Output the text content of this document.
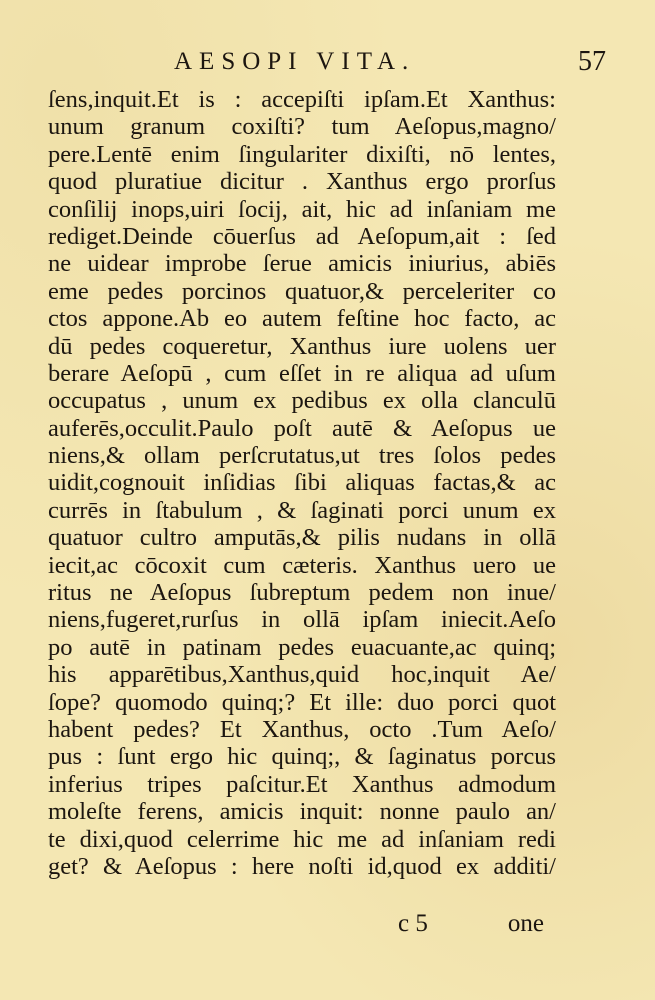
AESOPI VITA.	57
ſens,inquit.Et is : accepiſti ipſam.Et Xanthus:
unum granum coxiſti? tum Aeſopus,magno/
pere.Lentē enim ſingulariter dixiſti, nō lentes,
quod pluratiue dicitur . Xanthus ergo prorſus
conſilij inops,uiri ſocij, ait, hic ad inſaniam me
rediget.Deinde cōuerſus ad Aeſopum,ait : ſed
ne uidear improbe ſerue amicis iniurius, abiēs
eme pedes porcinos quatuor,& perceleriter co
ctos appone.Ab eo autem feſtine hoc facto, ac
dū pedes coqueretur, Xanthus iure uolens uer
berare Aeſopū , cum eſſet in re aliqua ad uſum
occupatus , unum ex pedibus ex olla clanculū
auferēs,occulit.Paulo poſt autē & Aeſopus ue
niens,& ollam perſcrutatus,ut tres ſolos pedes
uidit,cognouit inſidias ſibi aliquas factas,& ac
currēs in ſtabulum , & ſaginati porci unum ex
quatuor cultro amputās,& pilis nudans in ollā
iecit,ac cōcoxit cum cæteris. Xanthus uero ue
ritus ne Aeſopus ſubreptum pedem non inue/
niens,fugeret,rurſus in ollā ipſam iniecit.Aeſo
po autē in patinam pedes euacuante,ac quinq;
his apparētibus,Xanthus,quid hoc,inquit Ae/
ſope? quomodo quinq;? Et ille: duo porci quot
habent pedes? Et Xanthus, octo .Tum Aeſo/
pus : ſunt ergo hic quinq;, & ſaginatus porcus
inferius tripes paſcitur.Et Xanthus admodum
moleſte ferens, amicis inquit: nonne paulo an/
te dixi,quod celerrime hic me ad inſaniam redi
get? & Aeſopus : here noſti id,quod ex additi/
c 5	one
